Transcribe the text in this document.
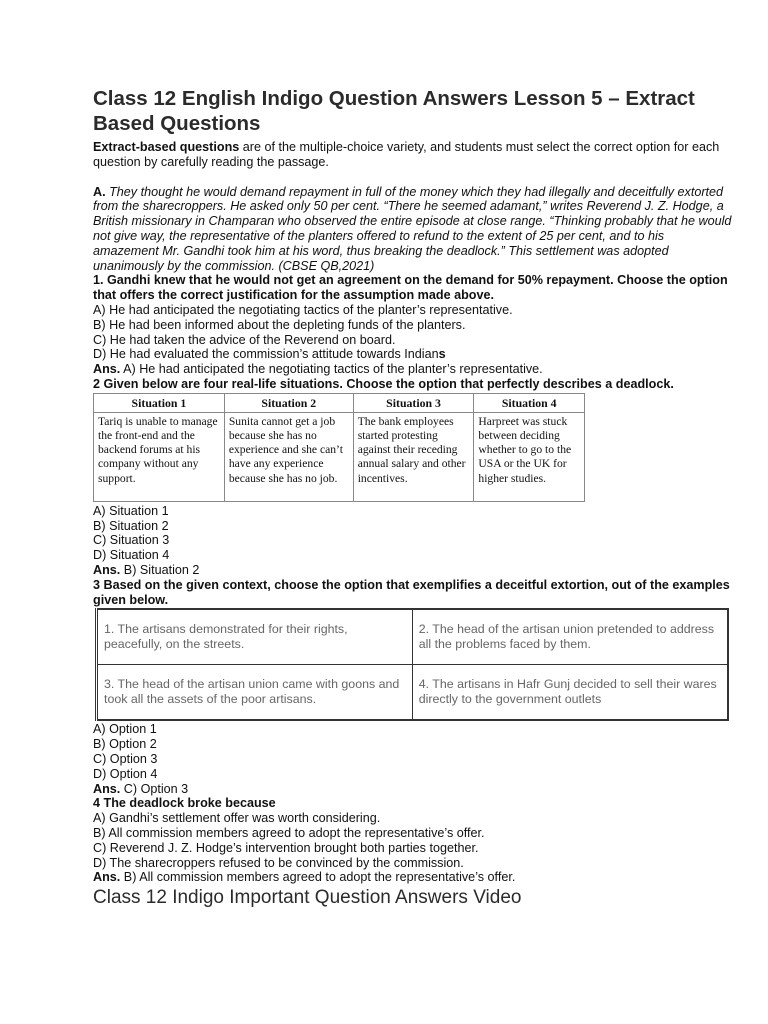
Class 12 English Indigo Question Answers Lesson 5 – Extract Based Questions

Extract-based questions are of the multiple-choice variety, and students must select the correct option for each question by carefully reading the passage.

A. They thought he would demand repayment in full of the money which they had illegally and deceitfully extorted from the sharecroppers. He asked only 50 per cent. “There he seemed adamant,” writes Reverend J. Z. Hodge, a British missionary in Champaran who observed the entire episode at close range. “Thinking probably that he would not give way, the representative of the planters offered to refund to the extent of 25 per cent, and to his amazement Mr. Gandhi took him at his word, thus breaking the deadlock.” This settlement was adopted unanimously by the commission. (CBSE QB,2021)

1. Gandhi knew that he would not get an agreement on the demand for 50% repayment. Choose the option that offers the correct justification for the assumption made above.
A) He had anticipated the negotiating tactics of the planter’s representative.
B) He had been informed about the depleting funds of the planters.
C) He had taken the advice of the Reverend on board.
D) He had evaluated the commission’s attitude towards Indians
Ans. A) He had anticipated the negotiating tactics of the planter’s representative.
2 Given below are four real-life situations. Choose the option that perfectly describes a deadlock.
Situation 1	Situation 2	Situation 3	Situation 4
Tariq is unable to manage the front-end and the backend forums at his company without any support.	Sunita cannot get a job because she has no experience and she can’t have any experience because she has no job.	The bank employees started protesting against their receding annual salary and other incentives.	Harpreet was stuck between deciding whether to go to the USA or the UK for higher studies.
A) Situation 1
B) Situation 2
C) Situation 3
D) Situation 4
Ans. B) Situation 2
3 Based on the given context, choose the option that exemplifies a deceitful extortion, out of the examples given below.
1. The artisans demonstrated for their rights, peacefully, on the streets.	2. The head of the artisan union pretended to address all the problems faced by them.
3. The head of the artisan union came with goons and took all the assets of the poor artisans.	4. The artisans in Hafr Gunj decided to sell their wares directly to the government outlets
A) Option 1
B) Option 2
C) Option 3
D) Option 4
Ans. C) Option 3
4 The deadlock broke because
A) Gandhi’s settlement offer was worth considering.
B) All commission members agreed to adopt the representative’s offer.
C) Reverend J. Z. Hodge’s intervention brought both parties together.
D) The sharecroppers refused to be convinced by the commission.
Ans. B) All commission members agreed to adopt the representative’s offer.
Class 12 Indigo Important Question Answers Video
